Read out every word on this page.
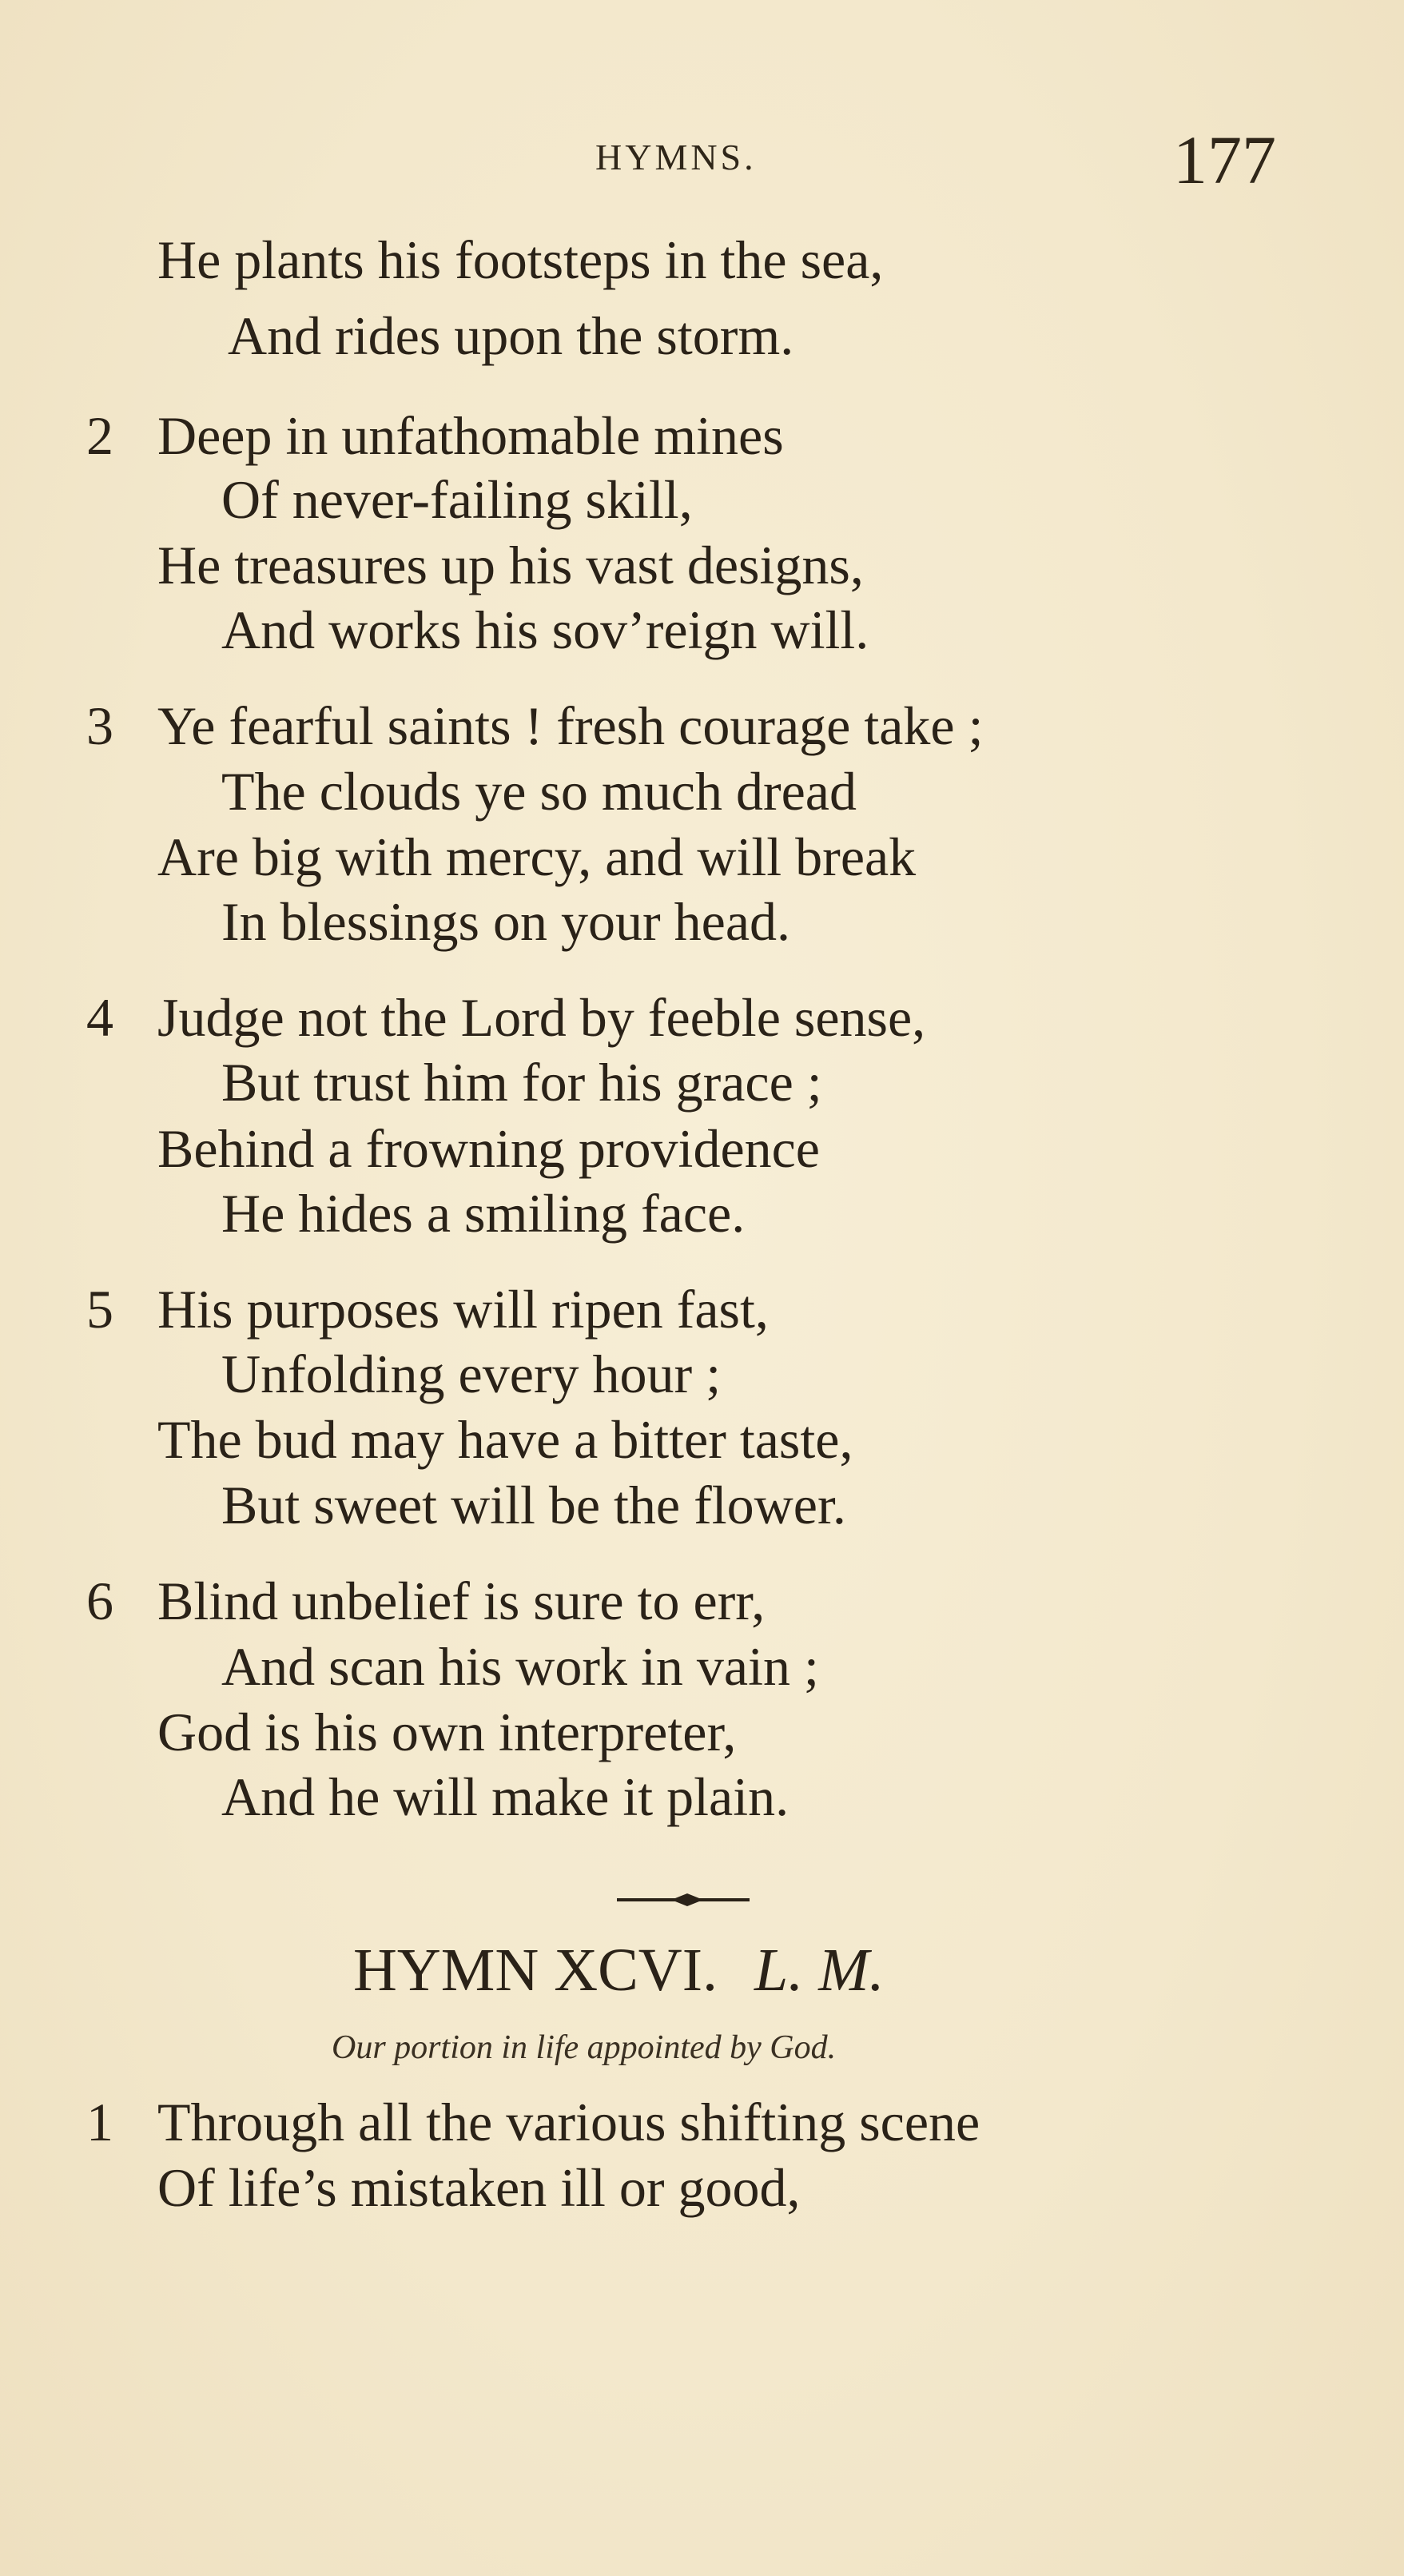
HYMNS.	177
He plants his footsteps in the sea,
And rides upon the storm.
2 Deep in unfathomable mines
Of never-failing skill,
He treasures up his vast designs,
And works his sov’reign will.
3 Ye fearful saints ! fresh courage take ;
The clouds ye so much dread
Are big with mercy, and will break
In blessings on your head.
4 Judge not the Lord by feeble sense,
But trust him for his grace ;
Behind a frowning providence
He hides a smiling face.
5 His purposes will ripen fast,
Unfolding every hour ;
The bud may have a bitter taste,
But sweet will be the flower.
6 Blind unbelief is sure to err,
And scan his work in vain ;
God is his own interpreter,
And he will make it plain.
HYMN XCVI. L. M.
Our portion in life appointed by God.
1 Through all the various shifting scene
Of life’s mistaken ill or good,
